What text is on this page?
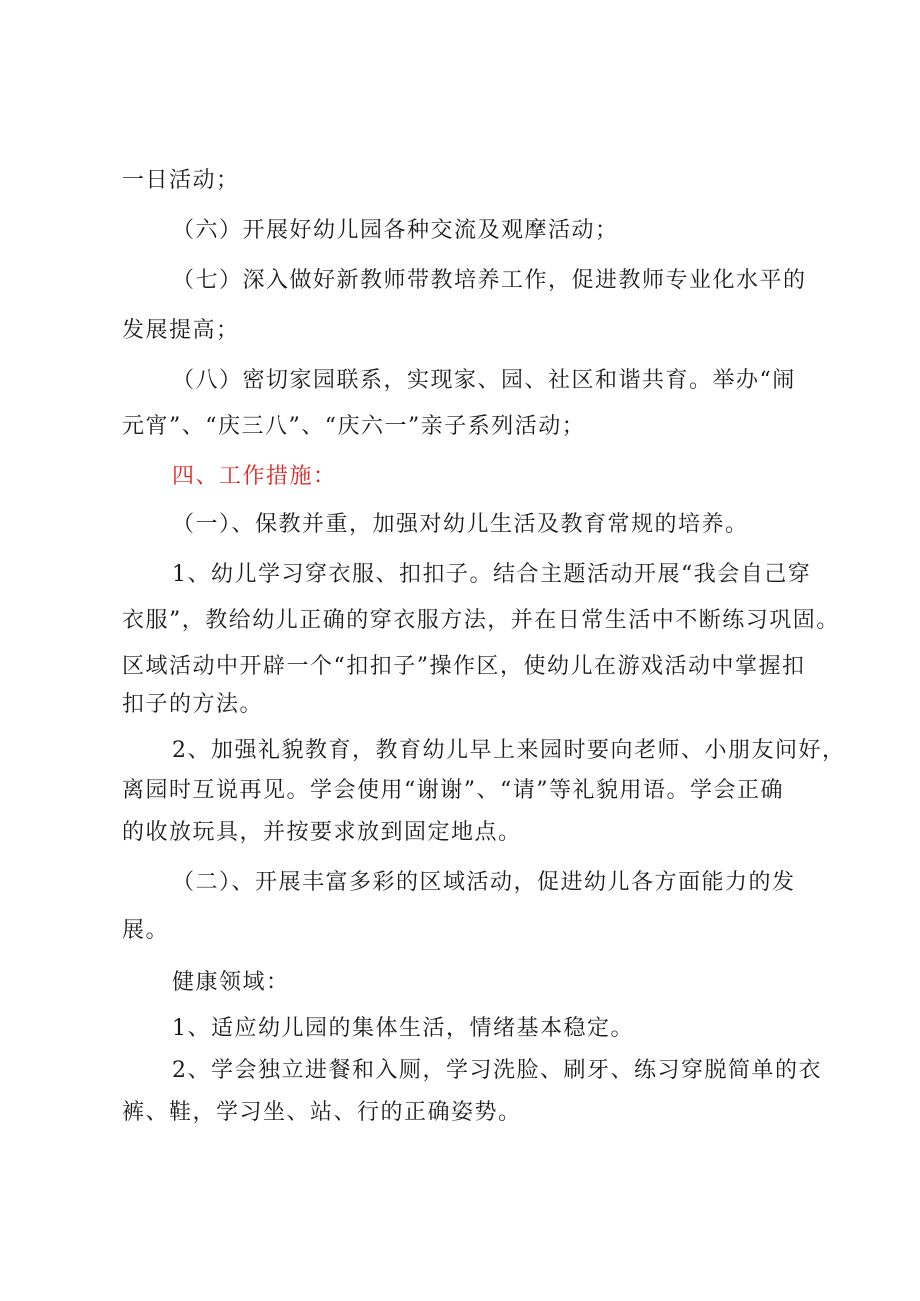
一日活动；
（六）开展好幼儿园各种交流及观摩活动；
（七）深入做好新教师带教培养工作，促进教师专业化水平的
发展提高；
（八）密切家园联系，实现家、园、社区和谐共育。举办“闹
元宵”、“庆三八”、“庆六一”亲子系列活动；
四、工作措施：
（一）、保教并重，加强对幼儿生活及教育常规的培养。
1、幼儿学习穿衣服、扣扣子。结合主题活动开展“我会自己穿
衣服”，教给幼儿正确的穿衣服方法，并在日常生活中不断练习巩固。
区域活动中开辟一个“扣扣子”操作区，使幼儿在游戏活动中掌握扣
扣子的方法。
2、加强礼貌教育，教育幼儿早上来园时要向老师、小朋友问好，
离园时互说再见。学会使用“谢谢”、“请”等礼貌用语。学会正确
的收放玩具，并按要求放到固定地点。
（二）、开展丰富多彩的区域活动，促进幼儿各方面能力的发
展。
健康领域：
1、适应幼儿园的集体生活，情绪基本稳定。
2、学会独立进餐和入厕，学习洗脸、刷牙、练习穿脱简单的衣
裤、鞋，学习坐、站、行的正确姿势。
